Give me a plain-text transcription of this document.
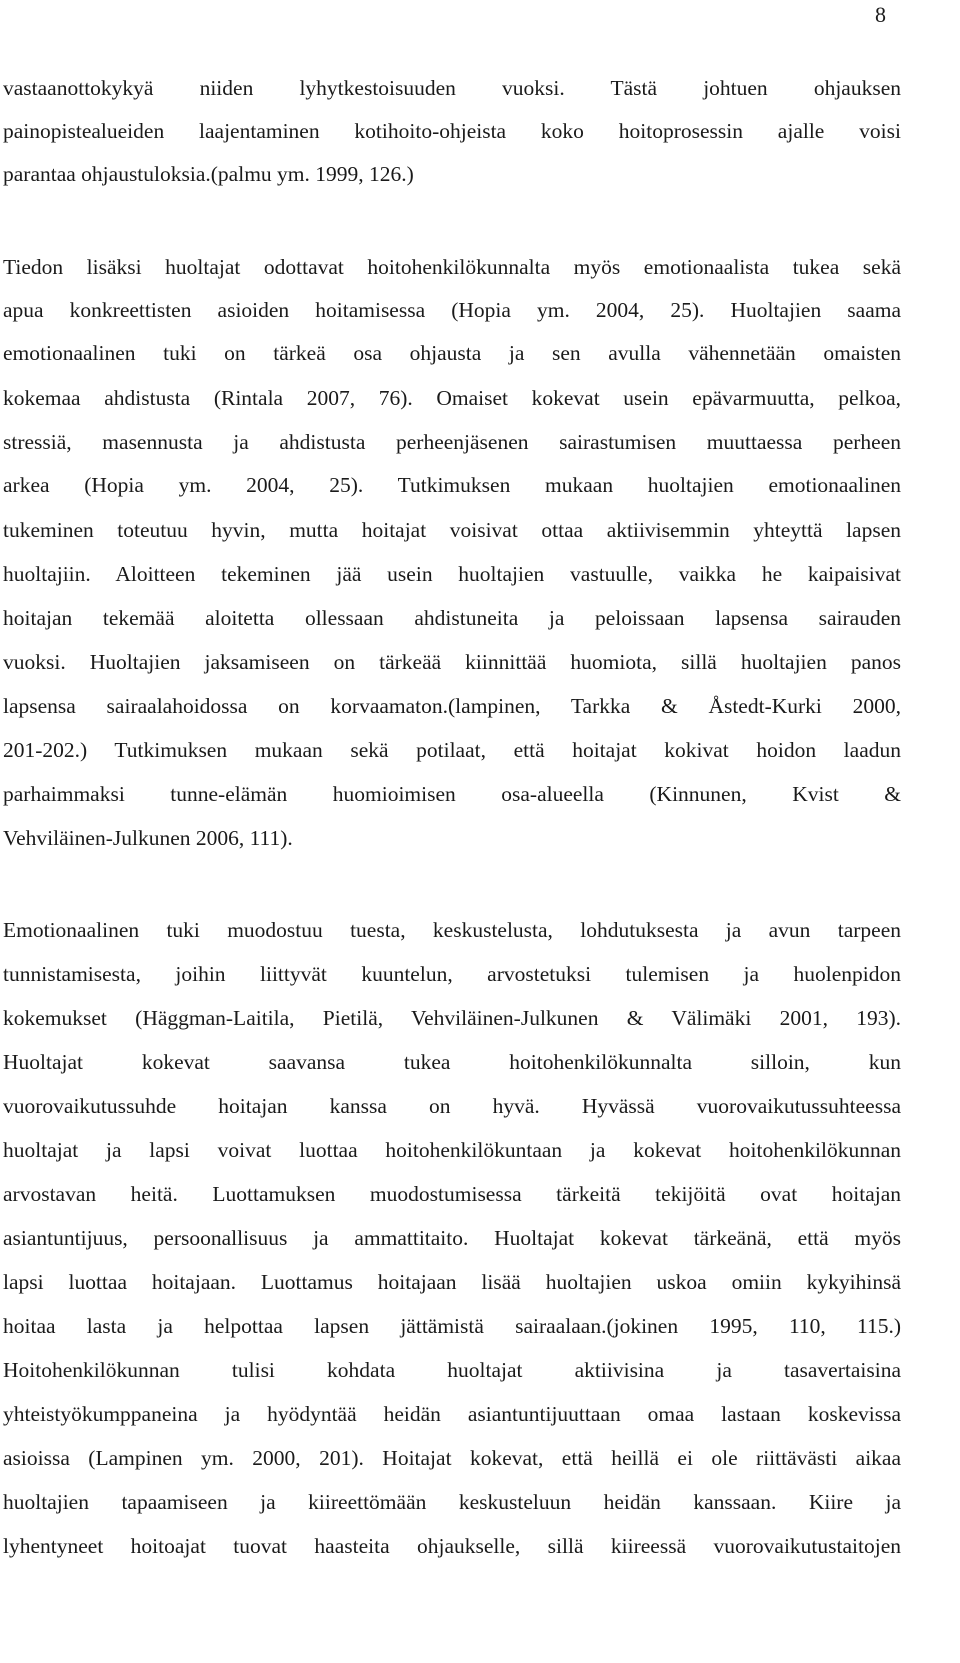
8
vastaanottokykyä niiden lyhytkestoisuuden vuoksi. Tästä johtuen ohjauksen
painopistealueiden laajentaminen kotihoito-ohjeista koko hoitoprosessin ajalle voisi
parantaa ohjaustuloksia.(palmu ym. 1999, 126.)
Tiedon lisäksi huoltajat odottavat hoitohenkilökunnalta myös emotionaalista tukea sekä
apua konkreettisten asioiden hoitamisessa (Hopia ym. 2004, 25). Huoltajien saama
emotionaalinen tuki on tärkeä osa ohjausta ja sen avulla vähennetään omaisten
kokemaa ahdistusta (Rintala 2007, 76). Omaiset kokevat usein epävarmuutta, pelkoa,
stressiä, masennusta ja ahdistusta perheenjäsenen sairastumisen muuttaessa perheen
arkea (Hopia ym. 2004, 25). Tutkimuksen mukaan huoltajien emotionaalinen
tukeminen toteutuu hyvin, mutta hoitajat voisivat ottaa aktiivisemmin yhteyttä lapsen
huoltajiin. Aloitteen tekeminen jää usein huoltajien vastuulle, vaikka he kaipaisivat
hoitajan tekemää aloitetta ollessaan ahdistuneita ja peloissaan lapsensa sairauden
vuoksi. Huoltajien jaksamiseen on tärkeää kiinnittää huomiota, sillä huoltajien panos
lapsensa sairaalahoidossa on korvaamaton.(lampinen, Tarkka & Åstedt-Kurki 2000,
201-202.) Tutkimuksen mukaan sekä potilaat, että hoitajat kokivat hoidon laadun
parhaimmaksi tunne-elämän huomioimisen osa-alueella (Kinnunen, Kvist &
Vehviläinen-Julkunen 2006, 111).
Emotionaalinen tuki muodostuu tuesta, keskustelusta, lohdutuksesta ja avun tarpeen
tunnistamisesta, joihin liittyvät kuuntelun, arvostetuksi tulemisen ja huolenpidon
kokemukset (Häggman-Laitila, Pietilä, Vehviläinen-Julkunen & Välimäki 2001, 193).
Huoltajat kokevat saavansa tukea hoitohenkilökunnalta silloin, kun
vuorovaikutussuhde hoitajan kanssa on hyvä. Hyvässä vuorovaikutussuhteessa
huoltajat ja lapsi voivat luottaa hoitohenkilökuntaan ja kokevat hoitohenkilökunnan
arvostavan heitä. Luottamuksen muodostumisessa tärkeitä tekijöitä ovat hoitajan
asiantuntijuus, persoonallisuus ja ammattitaito. Huoltajat kokevat tärkeänä, että myös
lapsi luottaa hoitajaan. Luottamus hoitajaan lisää huoltajien uskoa omiin kykyihinsä
hoitaa lasta ja helpottaa lapsen jättämistä sairaalaan.(jokinen 1995, 110, 115.)
Hoitohenkilökunnan tulisi kohdata huoltajat aktiivisina ja tasavertaisina
yhteistyökumppaneina ja hyödyntää heidän asiantuntijuuttaan omaa lastaan koskevissa
asioissa (Lampinen ym. 2000, 201). Hoitajat kokevat, että heillä ei ole riittävästi aikaa
huoltajien tapaamiseen ja kiireettömään keskusteluun heidän kanssaan. Kiire ja
lyhentyneet hoitoajat tuovat haasteita ohjaukselle, sillä kiireessä vuorovaikutustaitojen
